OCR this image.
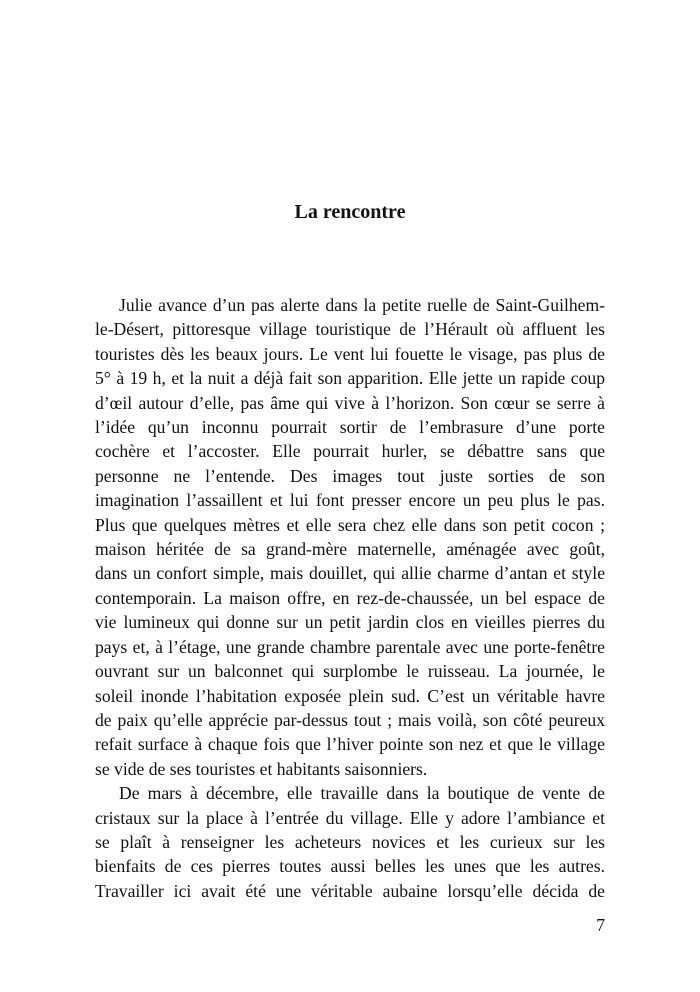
La rencontre

Julie avance d’un pas alerte dans la petite ruelle de Saint-Guilhem-
le-Désert, pittoresque village touristique de l’Hérault où affluent les
touristes dès les beaux jours. Le vent lui fouette le visage, pas plus de
5° à 19 h, et la nuit a déjà fait son apparition. Elle jette un rapide coup
d’œil autour d’elle, pas âme qui vive à l’horizon. Son cœur se serre à
l’idée qu’un inconnu pourrait sortir de l’embrasure d’une porte
cochère et l’accoster. Elle pourrait hurler, se débattre sans que
personne ne l’entende. Des images tout juste sorties de son
imagination l’assaillent et lui font presser encore un peu plus le pas.
Plus que quelques mètres et elle sera chez elle dans son petit cocon ;
maison héritée de sa grand-mère maternelle, aménagée avec goût,
dans un confort simple, mais douillet, qui allie charme d’antan et style
contemporain. La maison offre, en rez-de-chaussée, un bel espace de
vie lumineux qui donne sur un petit jardin clos en vieilles pierres du
pays et, à l’étage, une grande chambre parentale avec une porte-fenêtre
ouvrant sur un balconnet qui surplombe le ruisseau. La journée, le
soleil inonde l’habitation exposée plein sud. C’est un véritable havre
de paix qu’elle apprécie par-dessus tout ; mais voilà, son côté peureux
refait surface à chaque fois que l’hiver pointe son nez et que le village
se vide de ses touristes et habitants saisonniers.

De mars à décembre, elle travaille dans la boutique de vente de
cristaux sur la place à l’entrée du village. Elle y adore l’ambiance et
se plaît à renseigner les acheteurs novices et les curieux sur les
bienfaits de ces pierres toutes aussi belles les unes que les autres.
Travailler ici avait été une véritable aubaine lorsqu’elle décida de

7
